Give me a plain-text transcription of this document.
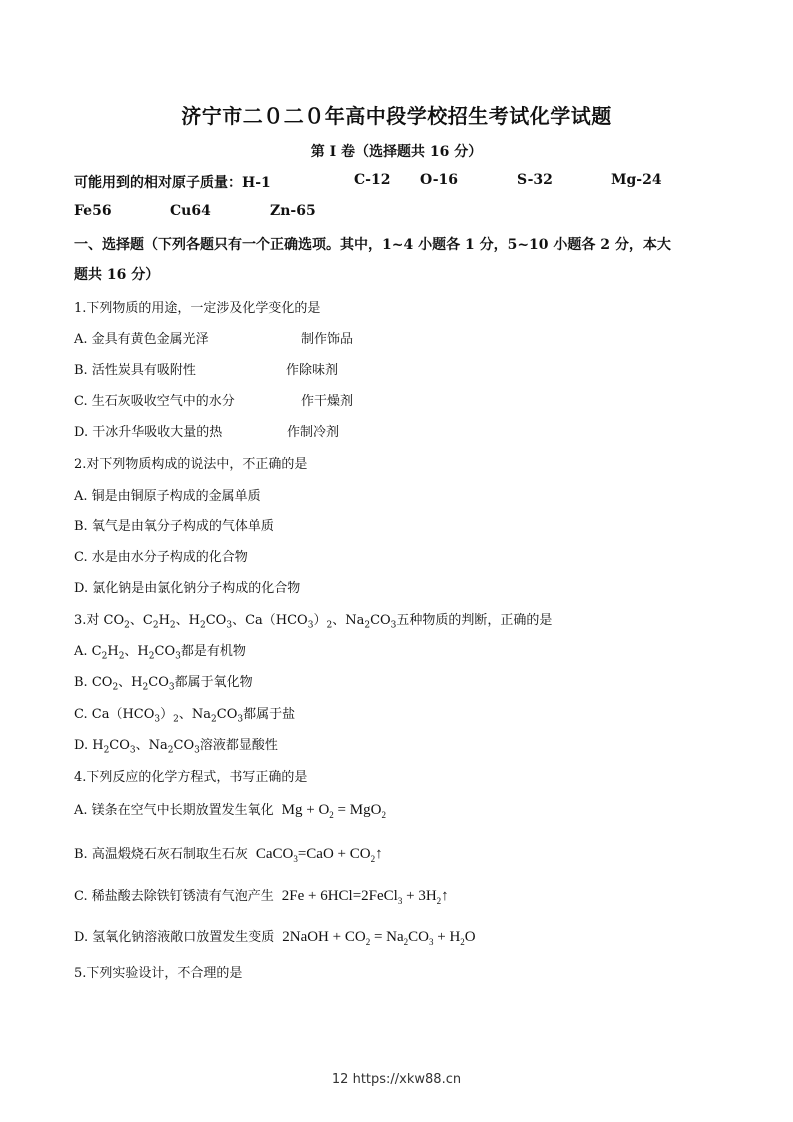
济宁市二０二０年高中段学校招生考试化学试题
第 I 卷（选择题共 16 分）
可能用到的相对原子质量：H-1	C-12 O-16	S-32	Mg-24
Fe56	Cu64	Zn-65
一、选择题（下列各题只有一个正确选项。其中，1~4 小题各 1 分，5~10 小题各 2 分，本大
题共 16 分）
1.下列物质的用途，一定涉及化学变化的是
A. 金具有黄色金属光泽	制作饰品
B. 活性炭具有吸附性	作除味剂
C. 生石灰吸收空气中的水分	作干燥剂
D. 干冰升华吸收大量的热	作制冷剂
2.对下列物质构成的说法中，不正确的是
A. 铜是由铜原子构成的金属单质
B. 氧气是由氧分子构成的气体单质
C. 水是由水分子构成的化合物
D. 氯化钠是由氯化钠分子构成的化合物
3.对 $CO_2$、$C_2H_2$、$H_2CO_3$、$Ca(HCO_3)_2$、$Na_2CO_3$五种物质的判断，正确的是
A. $C_2H_2$、$H_2CO_3$都是有机物
B. $CO_2$、$H_2CO_3$都属于氧化物
C. $Ca(HCO_3)_2$、$Na_2CO_3$都属于盐
D. $H_2CO_3$、$Na_2CO_3$溶液都显酸性
4.下列反应的化学方程式，书写正确的是
A. 镁条在空气中长期放置发生氧化 $Mg + O_2 = MgO_2$
B. 高温煅烧石灰石制取生石灰 CaCO$_3$=CaO + $CO_2↑$
C. 稀盐酸去除铁钉锈渍有气泡产生 2Fe + 6HCl=2FeCl$_3$ + $3H_2↑$
D. 氢氧化钠溶液敞口放置发生变质 2NaOH + $CO_2 = Na_2CO_3 + H_2O$
5.下列实验设计，不合理的是
12 https://xkw88.cn
